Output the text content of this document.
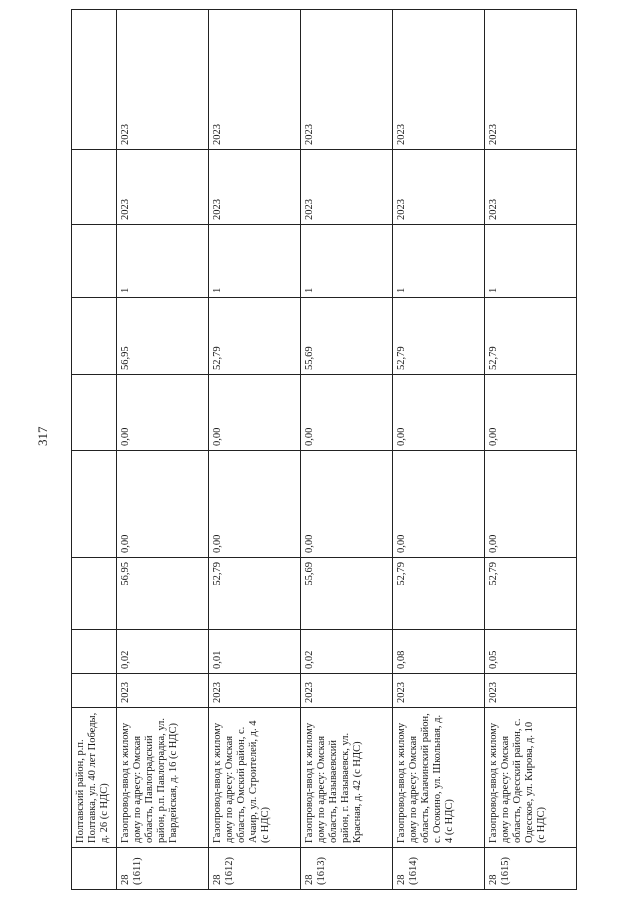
317
	Полтавский район, р.п. Полтавка, ул. 40 лет Победы, д. 26 (с НДС)									
28 (1611)	Газопровод-ввод к жилому дому по адресу: Омская область, Павлоградский район, р.п. Павлоградка, ул. Гвардейская, д. 16 (с НДС)	2023	0,02	56,95	0,00	0,00	56,95	1	2023	2023
28 (1612)	Газопровод-ввод к жилому дому по адресу: Омская область, Омский район, с. Ачаир, ул. Строителей, д. 4 (с НДС)	2023	0,01	52,79	0,00	0,00	52,79	1	2023	2023
28 (1613)	Газопровод-ввод к жилому дому по адресу: Омская область, Называевский район, г. Называевск, ул. Красная, д. 42 (с НДС)	2023	0,02	55,69	0,00	0,00	55,69	1	2023	2023
28 (1614)	Газопровод-ввод к жилому дому по адресу: Омская область, Калачинский район, с. Осокино, ул. Школьная, д. 4 (с НДС)	2023	0,08	52,79	0,00	0,00	52,79	1	2023	2023
28 (1615)	Газопровод-ввод к жилому дому по адресу: Омская область, Одесский район, с. Одесское, ул. Кирова, д. 10 (с НДС)	2023	0,05	52,79	0,00	0,00	52,79	1	2023	2023
